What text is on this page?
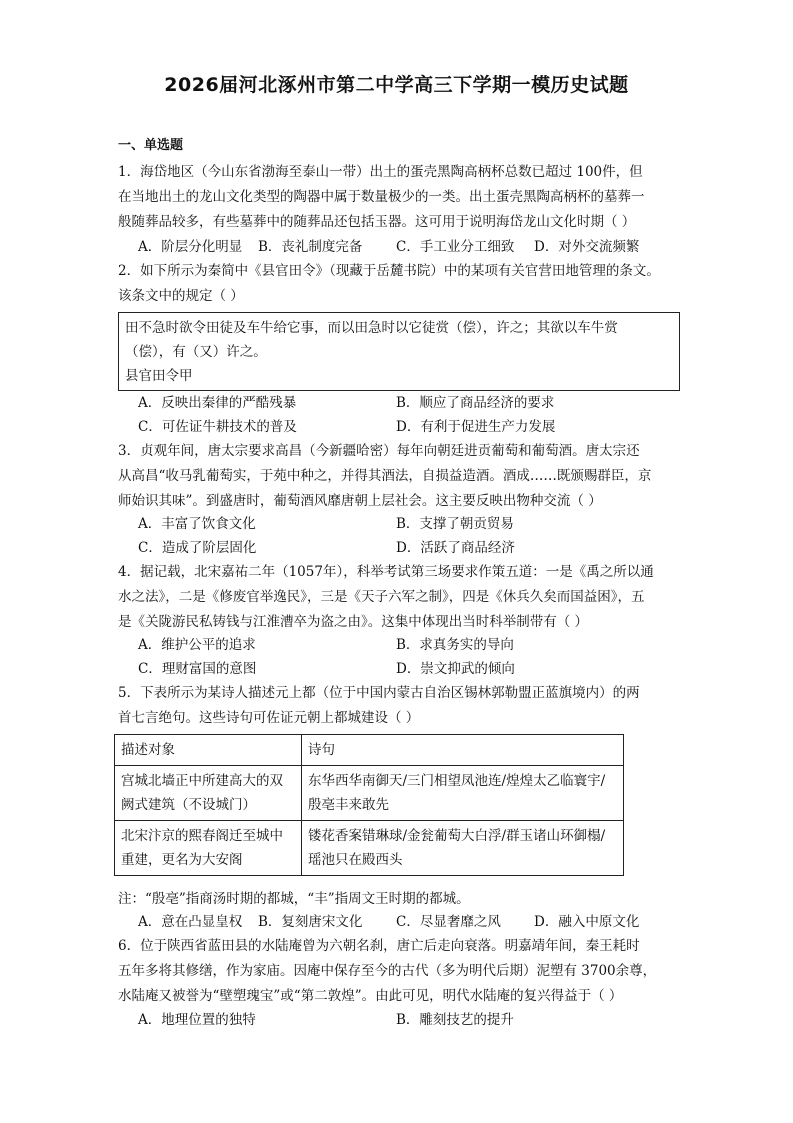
2026届河北涿州市第二中学高三下学期一模历史试题
一、单选题
1．海岱地区（今山东省渤海至泰山一带）出土的蛋壳黑陶高柄杯总数已超过 100件，但
在当地出土的龙山文化类型的陶器中属于数量极少的一类。出土蛋壳黑陶高柄杯的墓葬一
般随葬品较多，有些墓葬中的随葬品还包括玉器。这可用于说明海岱龙山文化时期（ ）
A．阶层分化明显 B．丧礼制度完备 C．手工业分工细致 D．对外交流频繁
2．如下所示为秦简中《县官田令》（现藏于岳麓书院）中的某项有关官营田地管理的条文。
该条文中的规定（ ）
田不急时欲令田徒及车牛给它事，而以田急时以它徒赏（偿），许之；其欲以车牛赏
（偿），有（又）许之。
县官田令甲
A．反映出秦律的严酷残暴	B．顺应了商品经济的要求
C．可佐证牛耕技术的普及	D．有利于促进生产力发展
3．贞观年间，唐太宗要求高昌（今新疆哈密）每年向朝廷进贡葡萄和葡萄酒。唐太宗还
从高昌“收马乳葡萄实，于苑中种之，并得其酒法，自损益造酒。酒成……既颁赐群臣，京
师始识其味”。到盛唐时，葡萄酒风靡唐朝上层社会。这主要反映出物种交流（ ）
A．丰富了饮食文化	B．支撑了朝贡贸易
C．造成了阶层固化	D．活跃了商品经济
4．据记载，北宋嘉祐二年（1057年），科举考试第三场要求作策五道：一是《禹之所以通
水之法》，二是《修废官举逸民》，三是《天子六军之制》，四是《休兵久矣而国益困》，五
是《关陇游民私铸钱与江淮漕卒为盗之由》。这集中体现出当时科举制带有（ ）
A．维护公平的追求	B．求真务实的导向
C．理财富国的意图	D．崇文抑武的倾向
5．下表所示为某诗人描述元上都（位于中国内蒙古自治区锡林郭勒盟正蓝旗境内）的两
首七言绝句。这些诗句可佐证元朝上都城建设（ ）
描述对象	诗句
宫城北墙正中所建高大的双阙式建筑（不设城门）	东华西华南御天/三门相望凤池连/煌煌太乙临寰宇/殷亳丰来敢先
北宋汴京的熙春阁迁至城中重建，更名为大安阁	镂花香案错琳球/金瓮葡萄大白浮/群玉诸山环御榻/瑶池只在殿西头
注：“殷亳”指商汤时期的都城，“丰”指周文王时期的都城。
A．意在凸显皇权 B．复刻唐宋文化 C．尽显奢靡之风 D．融入中原文化
6．位于陕西省蓝田县的水陆庵曾为六朝名刹，唐亡后走向衰落。明嘉靖年间，秦王耗时
五年多将其修缮，作为家庙。因庵中保存至今的古代（多为明代后期）泥塑有 3700余尊，
水陆庵又被誉为“壁塑瑰宝”或“第二敦煌”。由此可见，明代水陆庵的复兴得益于（ ）
A．地理位置的独特	B．雕刻技艺的提升
